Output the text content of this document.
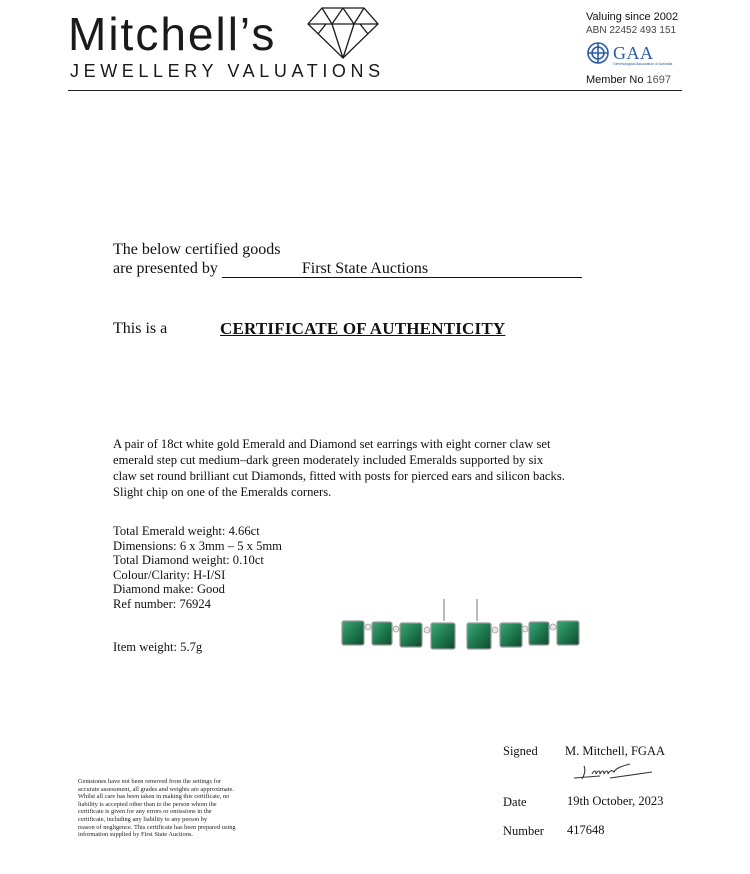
Mitchell’s
JEWELLERY VALUATIONS
Valuing since 2002
ABN 22452 493 151
GAA
Gemmological Association of Australia
Member No 1697
The below certified goods
are presented by	First State Auctions
This is a	CERTIFICATE OF AUTHENTICITY
A pair of 18ct white gold Emerald and Diamond set earrings with eight corner claw set
emerald step cut medium–dark green moderately included Emeralds supported by six
claw set round brilliant cut Diamonds, fitted with posts for pierced ears and silicon backs.
Slight chip on one of the Emeralds corners.
Total Emerald weight: 4.66ct
Dimensions: 6 x 3mm – 5 x 5mm
Total Diamond weight: 0.10ct
Colour/Clarity: H-I/SI
Diamond make: Good
Ref number: 76924
Item weight: 5.7g
Signed M. Mitchell, FGAA
Date	19th October, 2023
Number 417648
Gemstones have not been removed from the settings for
accurate assessment, all grades and weights are approximate.
Whilst all care has been taken in making this certificate, no
liability is accepted other than to the person whom the
certificate is given for any errors or omissions in the
certificate, including any liability to any person by
reason of negligence. This certificate has been prepared using
information supplied by First State Auctions.
